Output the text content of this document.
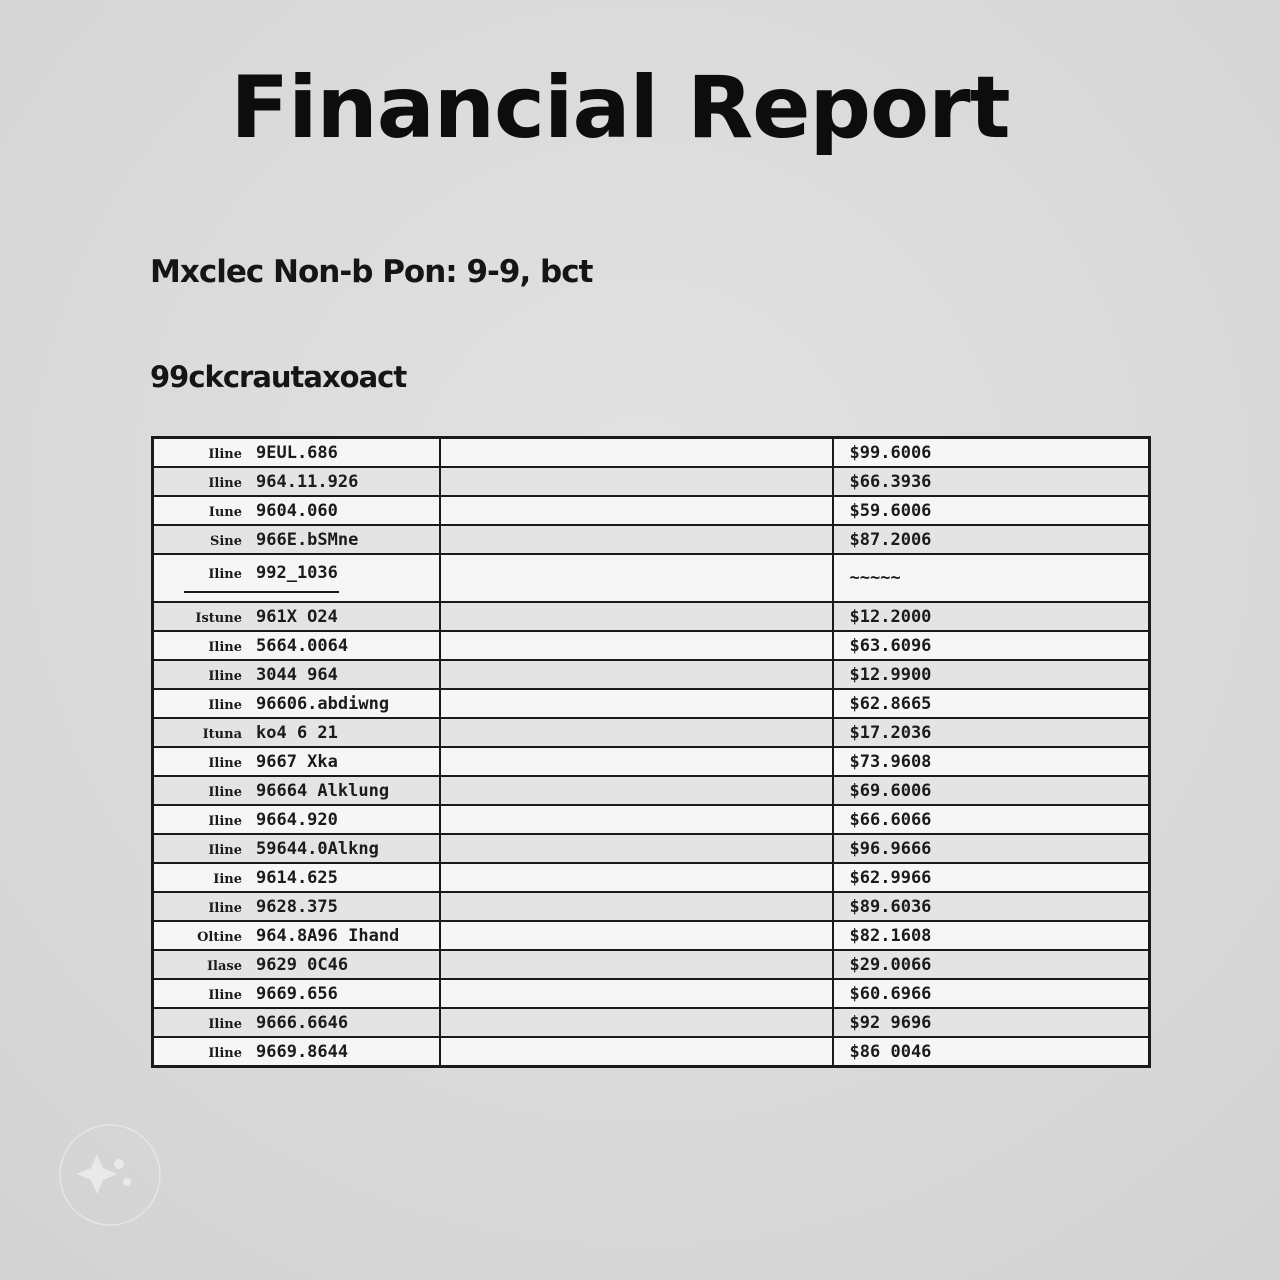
Financial Report
Mxclec Non-b Pon: 9-9, bct
99ckcrautaxoact
Iline 9EUL.686		$99.6006
Iline 964.11.926		$66.3936
Iune 9604.060		$59.6006
Sine 966E.bSMne		$87.2006
Iline 992_1036		~~~~~
Istune 961X O24		$12.2000
Iline 5664.0064		$63.6096
Iline 3044 964		$12.9900
Iline 96606.abdiwng		$62.8665
Ituna ko4 6 21		$17.2036
Iline 9667 Xka		$73.9608
Iline 96664 Alklung		$69.6006
Iline 9664.920		$66.6066
Iline 59644.0Alkng		$96.9666
Iine 9614.625		$62.9966
Iline 9628.375		$89.6036
Oltine 964.8A96 Ihand		$82.1608
Ilase 9629 0C46		$29.0066
Iline 9669.656		$60.6966
Iline 9666.6646		$92 9696
Iline 9669.8644		$86 0046
